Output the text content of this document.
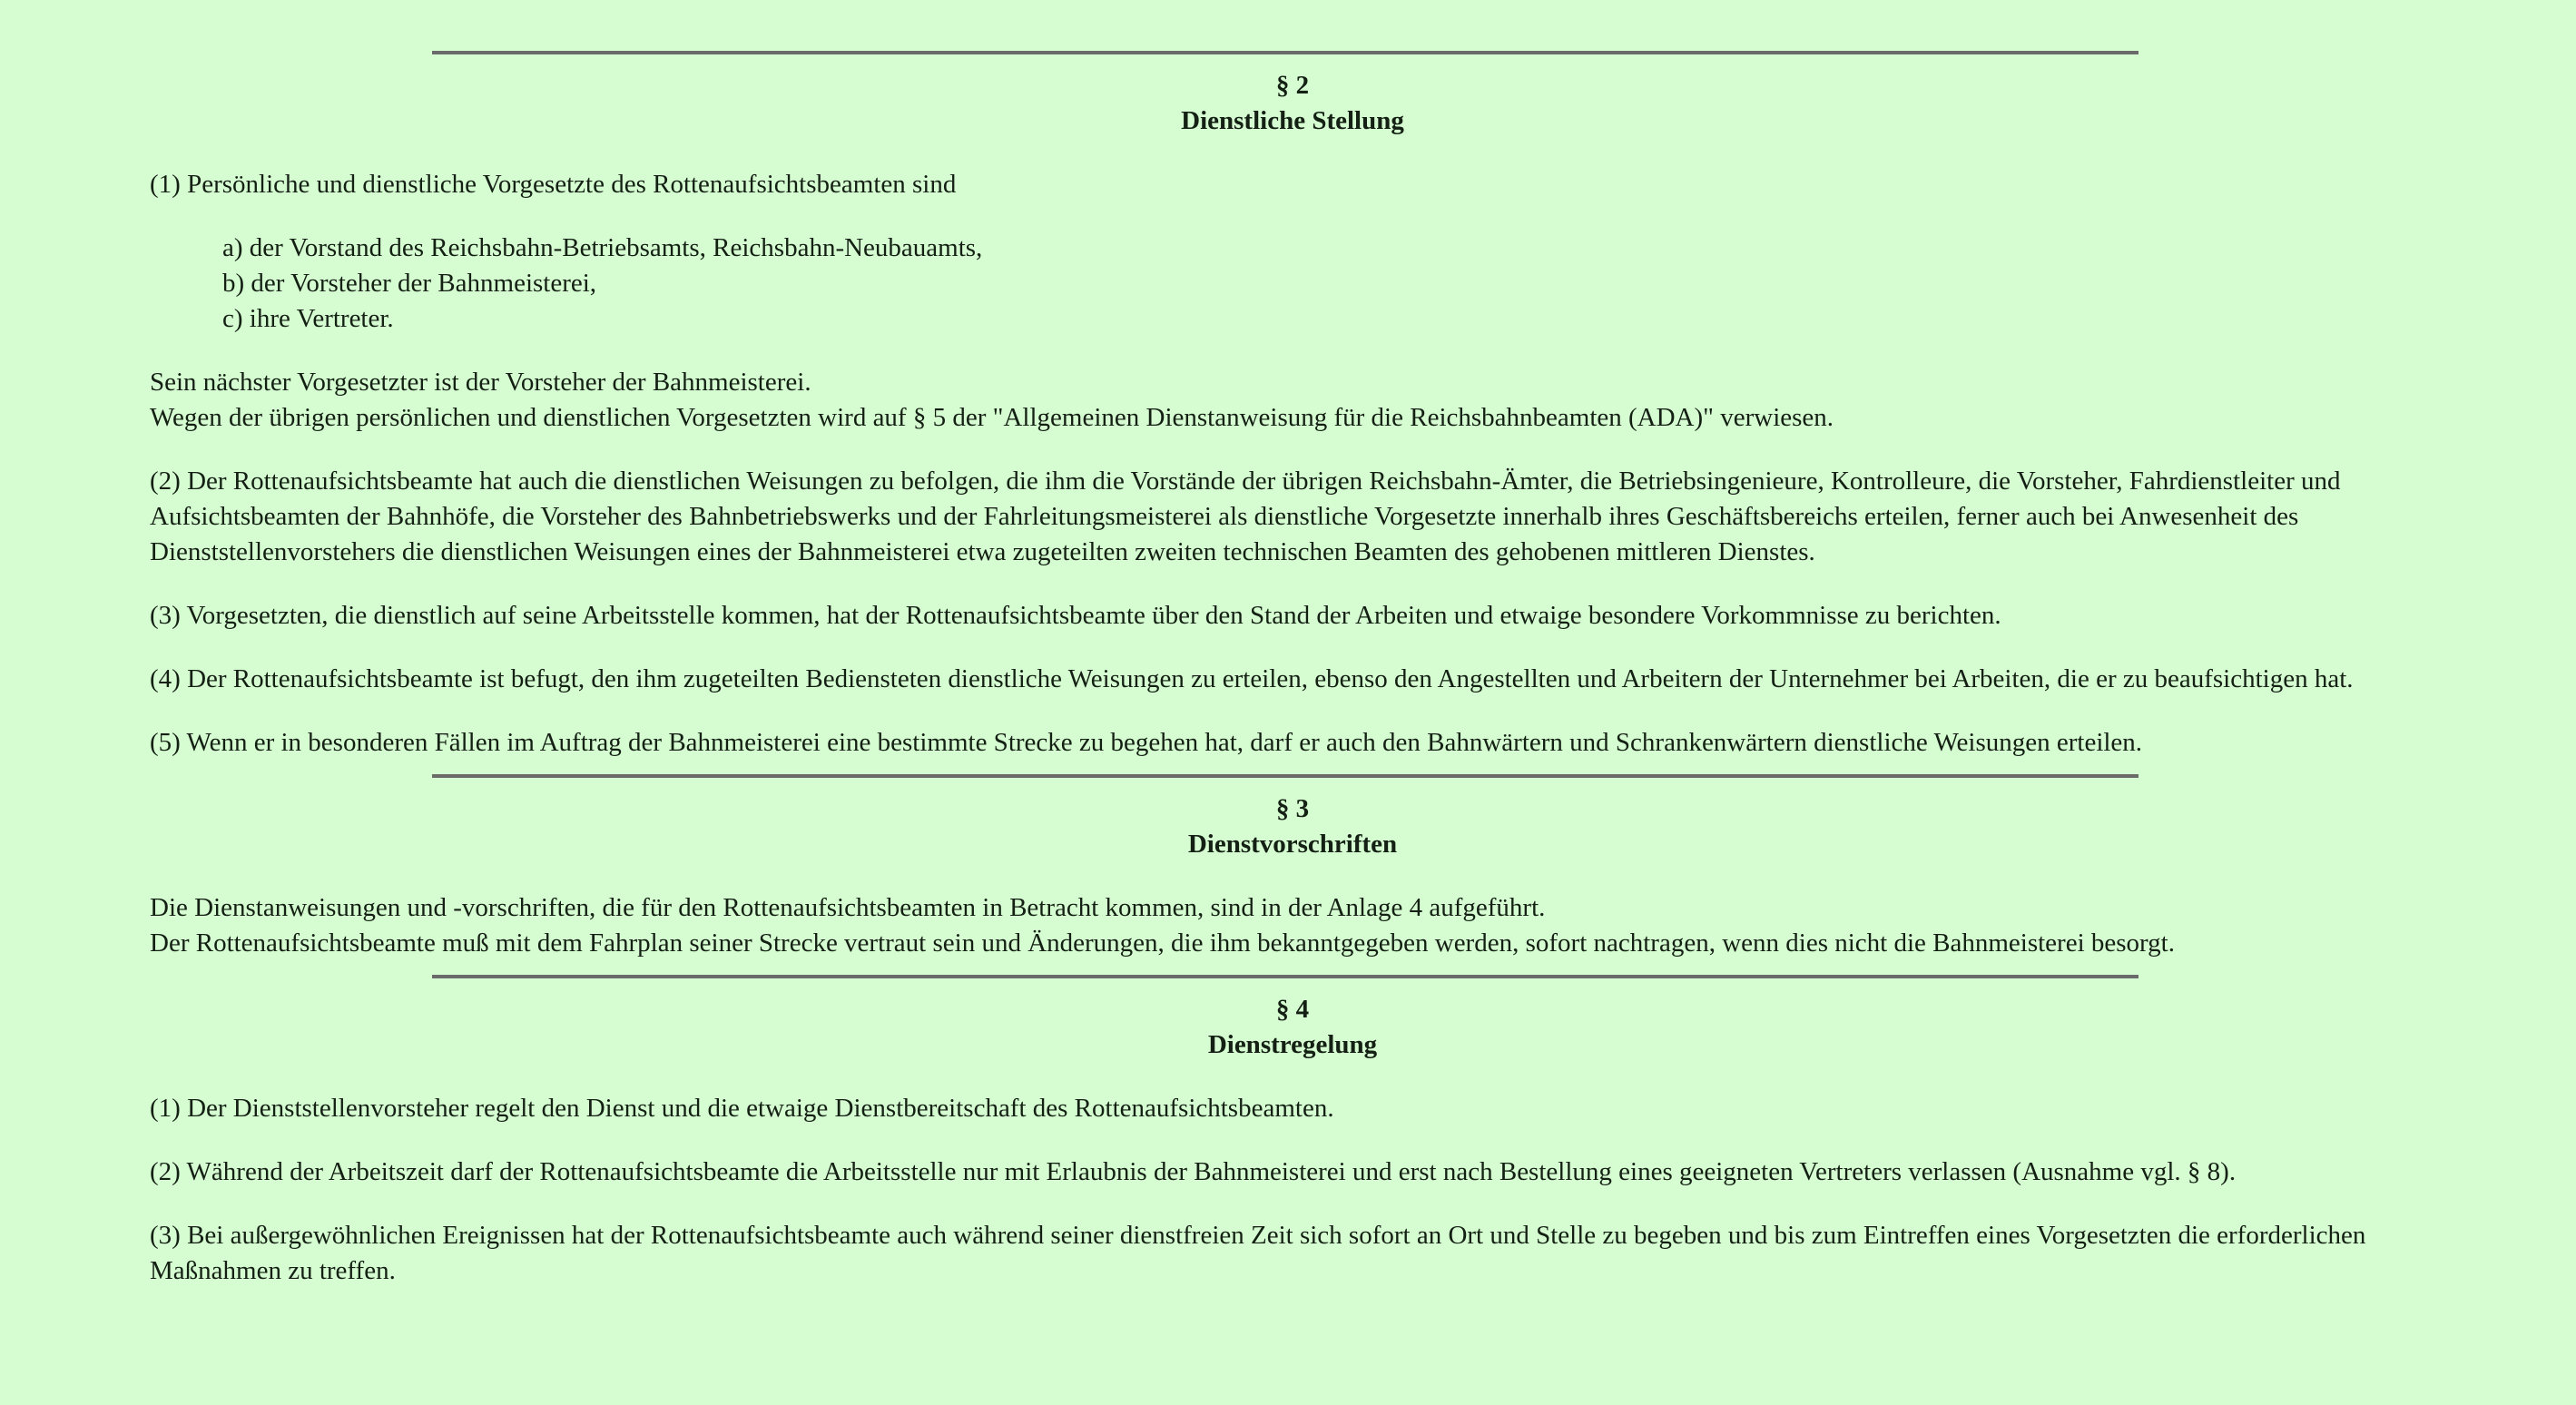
§ 2
Dienstliche Stellung

(1) Persönliche und dienstliche Vorgesetzte des Rottenaufsichtsbeamten sind

a) der Vorstand des Reichsbahn-Betriebsamts, Reichsbahn-Neubauamts,
b) der Vorsteher der Bahnmeisterei,
c) ihre Vertreter.

Sein nächster Vorgesetzter ist der Vorsteher der Bahnmeisterei.

Wegen der übrigen persönlichen und dienstlichen Vorgesetzten wird auf § 5 der "Allgemeinen Dienstanweisung für die Reichsbahnbeamten (ADA)" verwiesen.

(2) Der Rottenaufsichtsbeamte hat auch die dienstlichen Weisungen zu befolgen, die ihm die Vorstände der übrigen Reichsbahn-Ämter, die Betriebsingenieure, Kontrolleure, die Vorsteher, Fahrdienstleiter und Aufsichtsbeamten der Bahnhöfe, die Vorsteher des Bahnbetriebswerks und der Fahrleitungsmeisterei als dienstliche Vorgesetzte innerhalb ihres Geschäftsbereichs erteilen, ferner auch bei Anwesenheit des Dienststellenvorstehers die dienstlichen Weisungen eines der Bahnmeisterei etwa zugeteilten zweiten technischen Beamten des gehobenen mittleren Dienstes.

(3) Vorgesetzten, die dienstlich auf seine Arbeitsstelle kommen, hat der Rottenaufsichtsbeamte über den Stand der Arbeiten und etwaige besondere Vorkommnisse zu berichten.

(4) Der Rottenaufsichtsbeamte ist befugt, den ihm zugeteilten Bediensteten dienstliche Weisungen zu erteilen, ebenso den Angestellten und Arbeitern der Unternehmer bei Arbeiten, die er zu beaufsichtigen hat.

(5) Wenn er in besonderen Fällen im Auftrag der Bahnmeisterei eine bestimmte Strecke zu begehen hat, darf er auch den Bahnwärtern und Schrankenwärtern dienstliche Weisungen erteilen.

§ 3
Dienstvorschriften

Die Dienstanweisungen und -vorschriften, die für den Rottenaufsichtsbeamten in Betracht kommen, sind in der Anlage 4 aufgeführt.

Der Rottenaufsichtsbeamte muß mit dem Fahrplan seiner Strecke vertraut sein und Änderungen, die ihm bekanntgegeben werden, sofort nachtragen, wenn dies nicht die Bahnmeisterei besorgt.

§ 4
Dienstregelung

(1) Der Dienststellenvorsteher regelt den Dienst und die etwaige Dienstbereitschaft des Rottenaufsichtsbeamten.

(2) Während der Arbeitszeit darf der Rottenaufsichtsbeamte die Arbeitsstelle nur mit Erlaubnis der Bahnmeisterei und erst nach Bestellung eines geeigneten Vertreters verlassen (Ausnahme vgl. § 8).

(3) Bei außergewöhnlichen Ereignissen hat der Rottenaufsichtsbeamte auch während seiner dienstfreien Zeit sich sofort an Ort und Stelle zu begeben und bis zum Eintreffen eines Vorgesetzten die erforderlichen Maßnahmen zu treffen.
